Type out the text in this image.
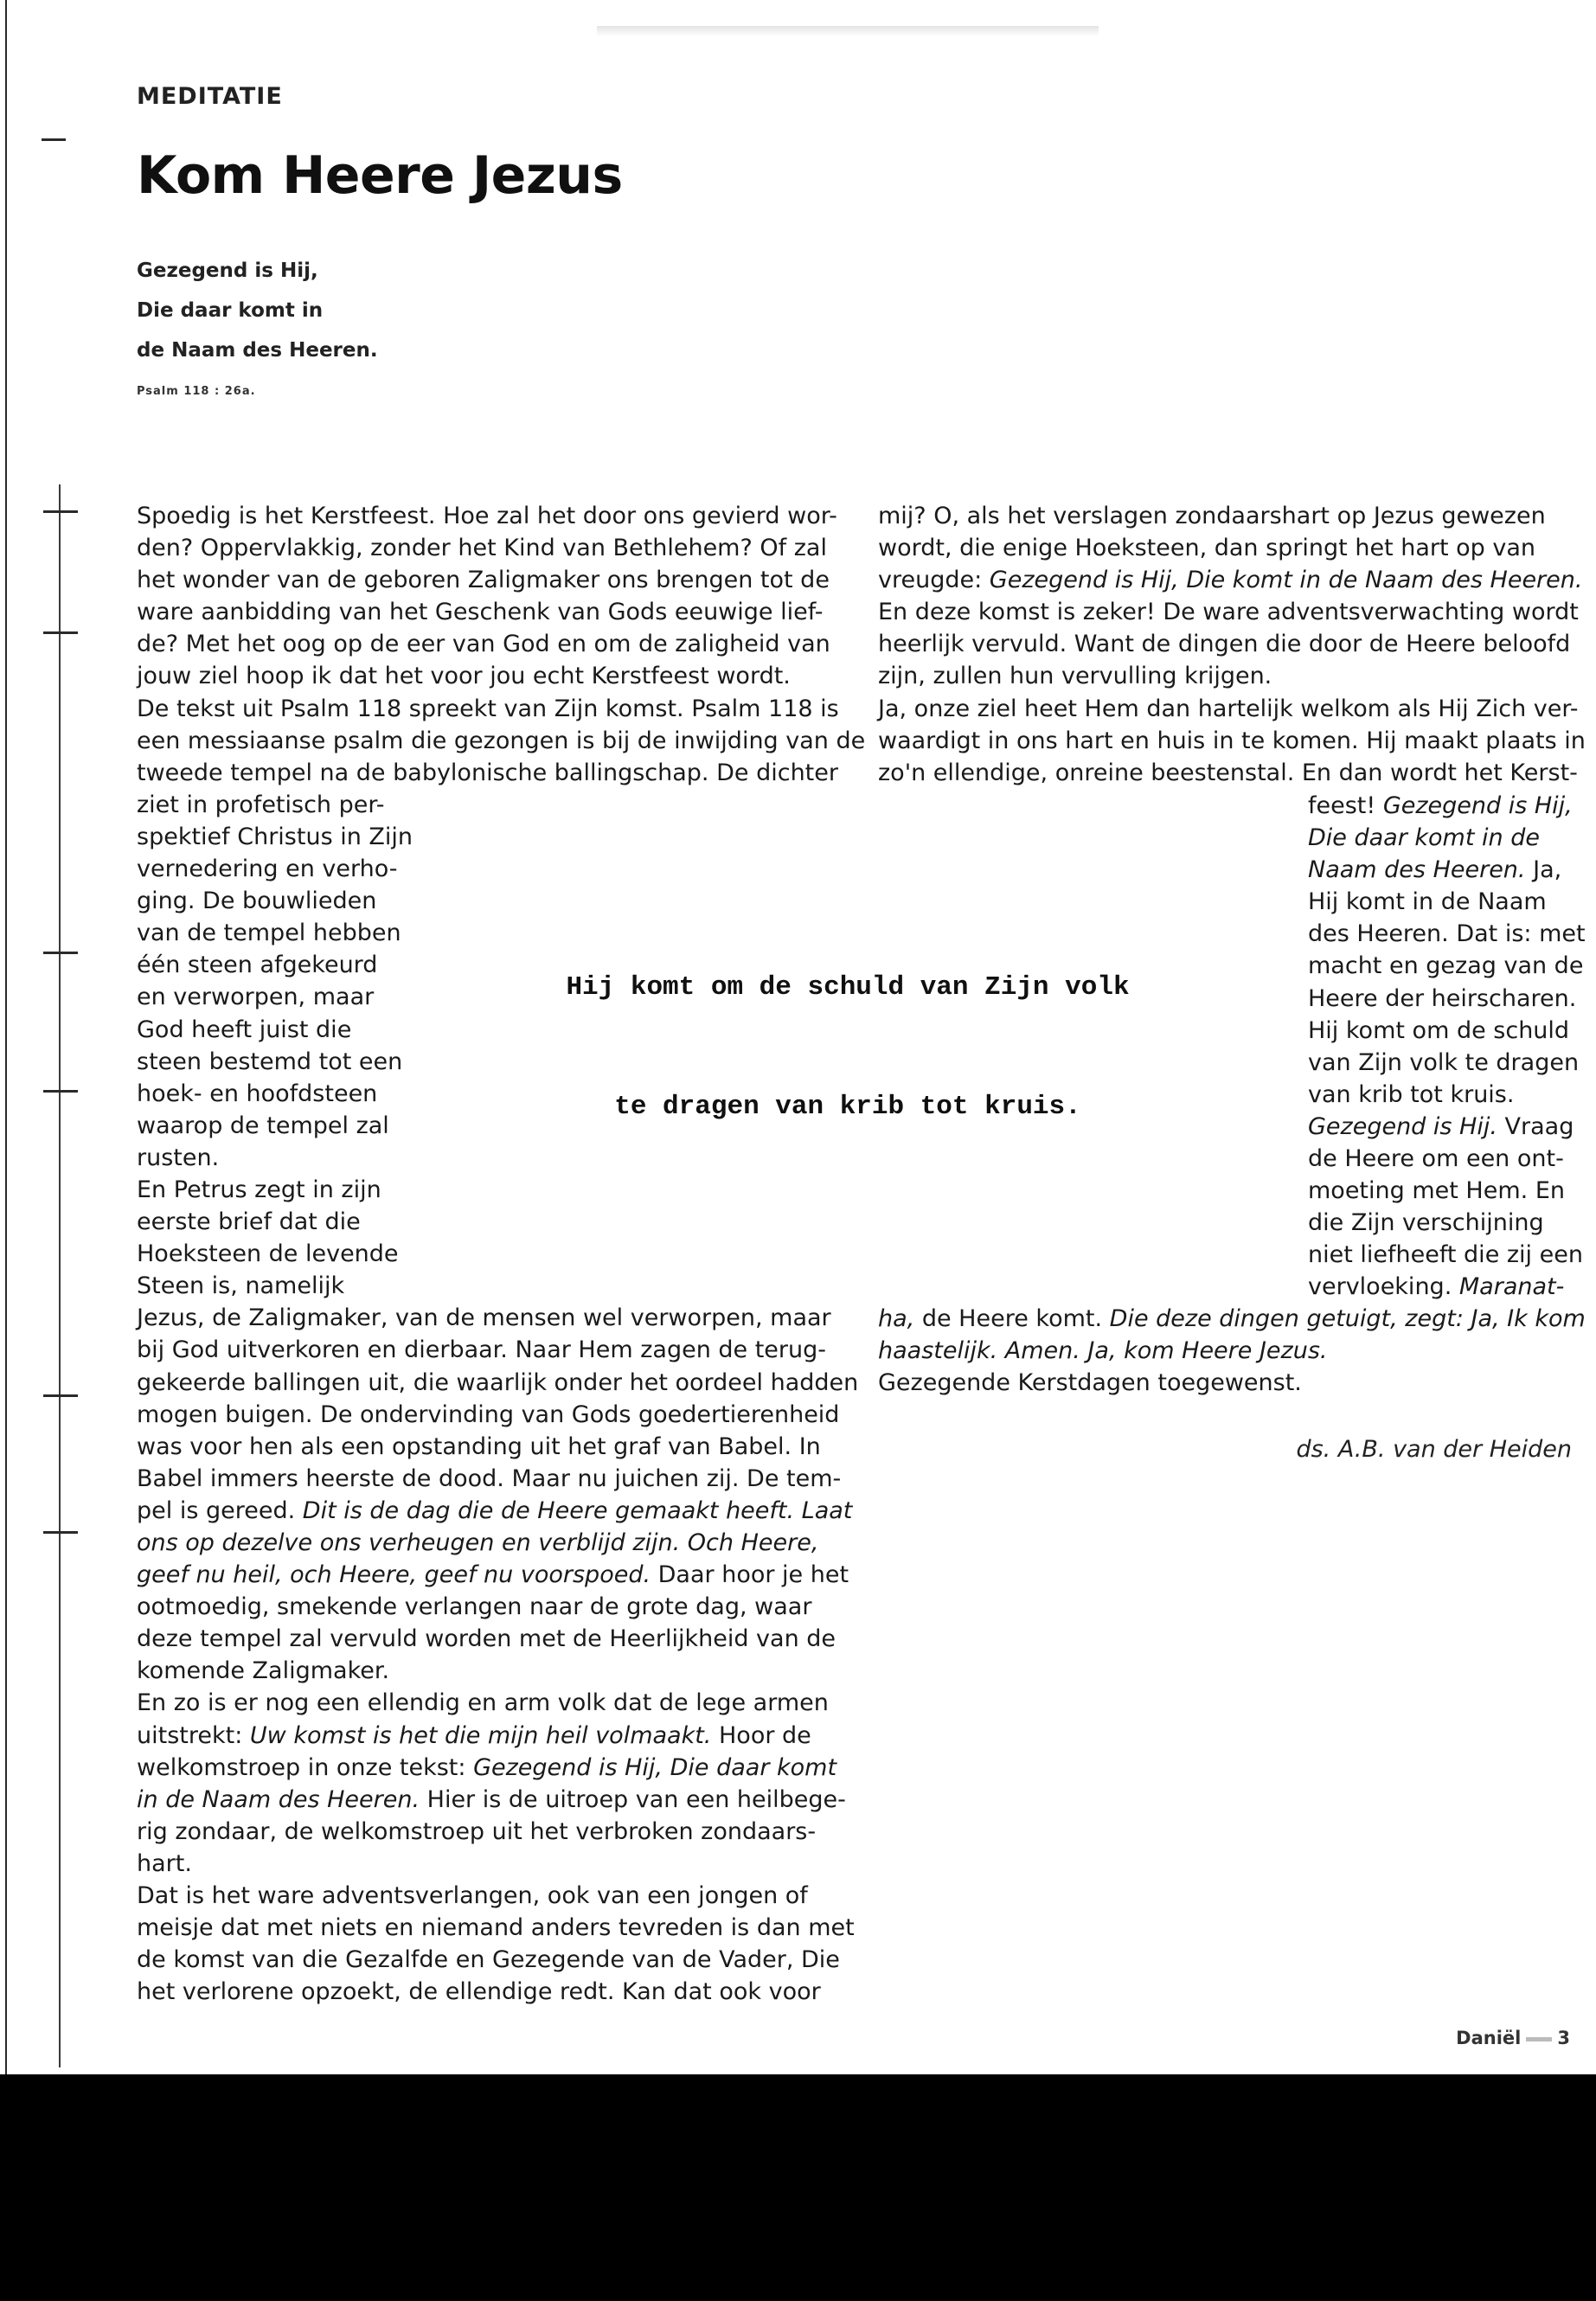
MEDITATIE
Kom Heere Jezus
Gezegend is Hij,
Die daar komt in
de Naam des Heeren.
Psalm 118 : 26a.
Spoedig is het Kerstfeest. Hoe zal het door ons gevierd wor-
den? Oppervlakkig, zonder het Kind van Bethlehem? Of zal
het wonder van de geboren Zaligmaker ons brengen tot de
ware aanbidding van het Geschenk van Gods eeuwige lief-
de? Met het oog op de eer van God en om de zaligheid van
jouw ziel hoop ik dat het voor jou echt Kerstfeest wordt.
De tekst uit Psalm 118 spreekt van Zijn komst. Psalm 118 is
een messiaanse psalm die gezongen is bij de inwijding van de
tweede tempel na de babylonische ballingschap. De dichter
ziet in profetisch per-
spektief Christus in Zijn
vernedering en verho-
ging. De bouwlieden
van de tempel hebben
één steen afgekeurd
en verworpen, maar
God heeft juist die
steen bestemd tot een
hoek- en hoofdsteen
waarop de tempel zal
rusten.
En Petrus zegt in zijn
eerste brief dat die
Hoeksteen de levende
Steen is, namelijk
Jezus, de Zaligmaker, van de mensen wel verworpen, maar
bij God uitverkoren en dierbaar. Naar Hem zagen de terug-
gekeerde ballingen uit, die waarlijk onder het oordeel hadden
mogen buigen. De ondervinding van Gods goedertierenheid
was voor hen als een opstanding uit het graf van Babel. In
Babel immers heerste de dood. Maar nu juichen zij. De tem-
pel is gereed. Dit is de dag die de Heere gemaakt heeft. Laat
ons op dezelve ons verheugen en verblijd zijn. Och Heere,
geef nu heil, och Heere, geef nu voorspoed. Daar hoor je het
ootmoedig, smekende verlangen naar de grote dag, waar
deze tempel zal vervuld worden met de Heerlijkheid van de
komende Zaligmaker.
En zo is er nog een ellendig en arm volk dat de lege armen
uitstrekt: Uw komst is het die mijn heil volmaakt. Hoor de
welkomstroep in onze tekst: Gezegend is Hij, Die daar komt
in de Naam des Heeren. Hier is de uitroep van een heilbege-
rig zondaar, de welkomstroep uit het verbroken zondaars-
hart.
Dat is het ware adventsverlangen, ook van een jongen of
meisje dat met niets en niemand anders tevreden is dan met
de komst van die Gezalfde en Gezegende van de Vader, Die
het verlorene opzoekt, de ellendige redt. Kan dat ook voor
mij? O, als het verslagen zondaarshart op Jezus gewezen
wordt, die enige Hoeksteen, dan springt het hart op van
vreugde: Gezegend is Hij, Die komt in de Naam des Heeren.
En deze komst is zeker! De ware adventsverwachting wordt
heerlijk vervuld. Want de dingen die door de Heere beloofd
zijn, zullen hun vervulling krijgen.
Ja, onze ziel heet Hem dan hartelijk welkom als Hij Zich ver-
waardigt in ons hart en huis in te komen. Hij maakt plaats in
zo'n ellendige, onreine beestenstal. En dan wordt het Kerst-
feest! Gezegend is Hij,
Die daar komt in de
Naam des Heeren. Ja,
Hij komt in de Naam
des Heeren. Dat is: met
macht en gezag van de
Heere der heirscharen.
Hij komt om de schuld
van Zijn volk te dragen
van krib tot kruis.
Gezegend is Hij. Vraag
de Heere om een ont-
moeting met Hem. En
die Zijn verschijning
niet liefheeft die zij een
vervloeking. Maranat-
ha, de Heere komt. Die deze dingen getuigt, zegt: Ja, Ik kom
haastelijk. Amen. Ja, kom Heere Jezus.
Gezegende Kerstdagen toegewenst.
ds. A.B. van der Heiden
Hij komt om de schuld van Zijn volk
te dragen van krib tot kruis.
Daniël 3
